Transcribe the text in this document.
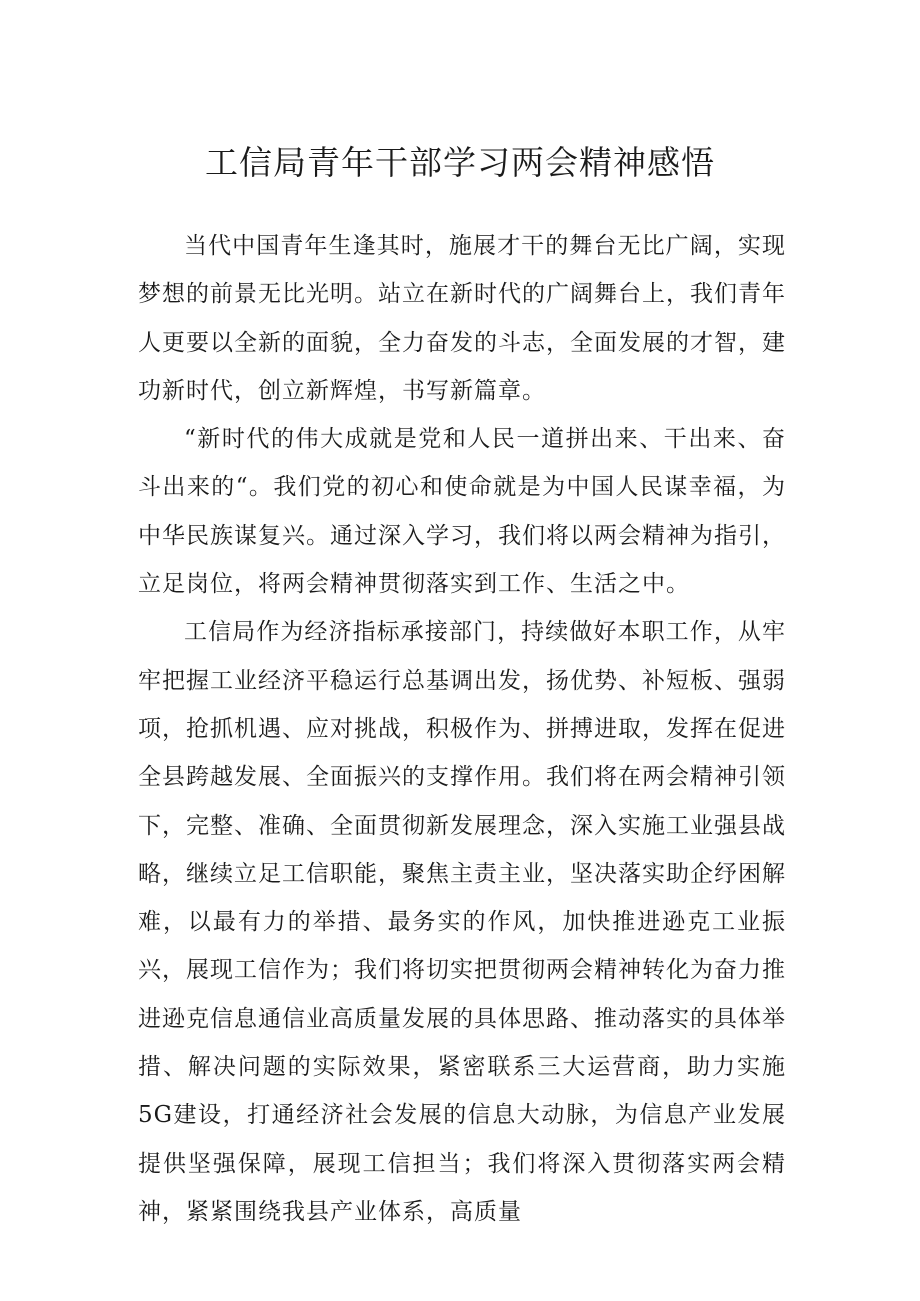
工信局青年干部学习两会精神感悟

当代中国青年生逢其时，施展才干的舞台无比广阔，实现梦想的前景无比光明。站立在新时代的广阔舞台上，我们青年人更要以全新的面貌，全力奋发的斗志，全面发展的才智，建功新时代，创立新辉煌，书写新篇章。

“新时代的伟大成就是党和人民一道拼出来、干出来、奋斗出来的“。我们党的初心和使命就是为中国人民谋幸福，为中华民族谋复兴。通过深入学习，我们将以两会精神为指引，立足岗位，将两会精神贯彻落实到工作、生活之中。

工信局作为经济指标承接部门，持续做好本职工作，从牢牢把握工业经济平稳运行总基调出发，扬优势、补短板、强弱项，抢抓机遇、应对挑战，积极作为、拼搏进取，发挥在促进全县跨越发展、全面振兴的支撑作用。我们将在两会精神引领下，完整、准确、全面贯彻新发展理念，深入实施工业强县战略，继续立足工信职能，聚焦主责主业，坚决落实助企纾困解难，以最有力的举措、最务实的作风，加快推进逊克工业振兴，展现工信作为；我们将切实把贯彻两会精神转化为奋力推进逊克信息通信业高质量发展的具体思路、推动落实的具体举措、解决问题的实际效果，紧密联系三大运营商，助力实施5G建设，打通经济社会发展的信息大动脉，为信息产业发展提供坚强保障，展现工信担当；我们将深入贯彻落实两会精神，紧紧围绕我县产业体系，高质量
